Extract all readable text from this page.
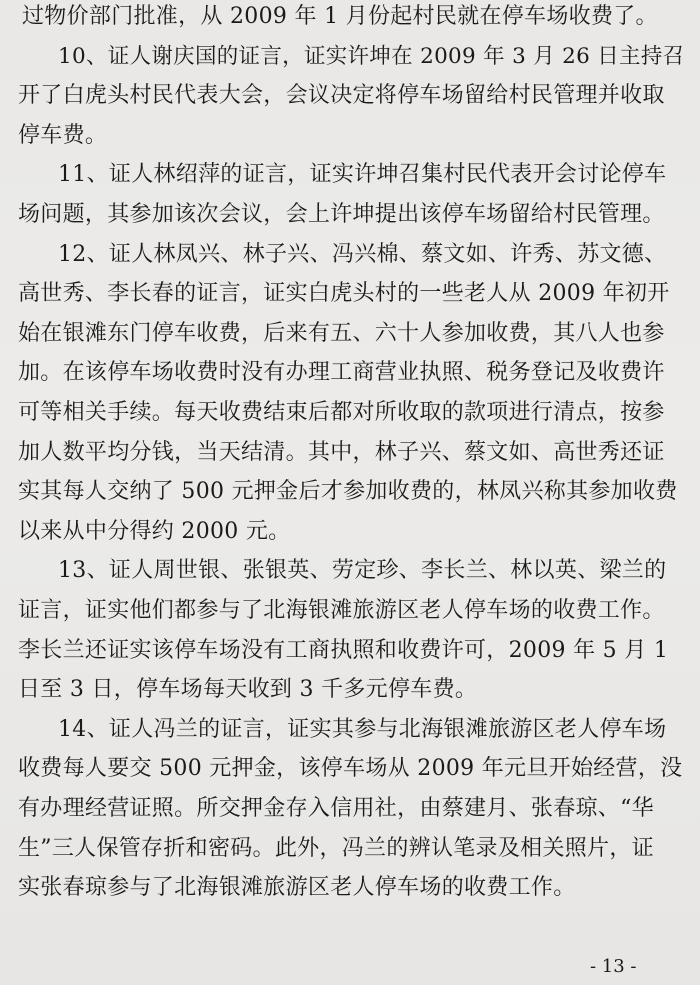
过物价部门批准，从 2009 年 1 月份起村民就在停车场收费了。
10、证人谢庆国的证言，证实许坤在 2009 年 3 月 26 日主持召
开了白虎头村民代表大会，会议决定将停车场留给村民管理并收取
停车费。
11、证人林绍萍的证言，证实许坤召集村民代表开会讨论停车
场问题，其参加该次会议，会上许坤提出该停车场留给村民管理。
12、证人林凤兴、林子兴、冯兴棉、蔡文如、许秀、苏文德、
高世秀、李长春的证言，证实白虎头村的一些老人从 2009 年初开
始在银滩东门停车收费，后来有五、六十人参加收费，其八人也参
加。在该停车场收费时没有办理工商营业执照、税务登记及收费许
可等相关手续。每天收费结束后都对所收取的款项进行清点，按参
加人数平均分钱，当天结清。其中，林子兴、蔡文如、高世秀还证
实其每人交纳了 500 元押金后才参加收费的，林凤兴称其参加收费
以来从中分得约 2000 元。
13、证人周世银、张银英、劳定珍、李长兰、林以英、梁兰的
证言，证实他们都参与了北海银滩旅游区老人停车场的收费工作。
李长兰还证实该停车场没有工商执照和收费许可，2009 年 5 月 1
日至 3 日，停车场每天收到 3 千多元停车费。
14、证人冯兰的证言，证实其参与北海银滩旅游区老人停车场
收费每人要交 500 元押金，该停车场从 2009 年元旦开始经营，没
有办理经营证照。所交押金存入信用社，由蔡建月、张春琼、“华
生”三人保管存折和密码。此外，冯兰的辨认笔录及相关照片，证
实张春琼参与了北海银滩旅游区老人停车场的收费工作。
- 13 -
